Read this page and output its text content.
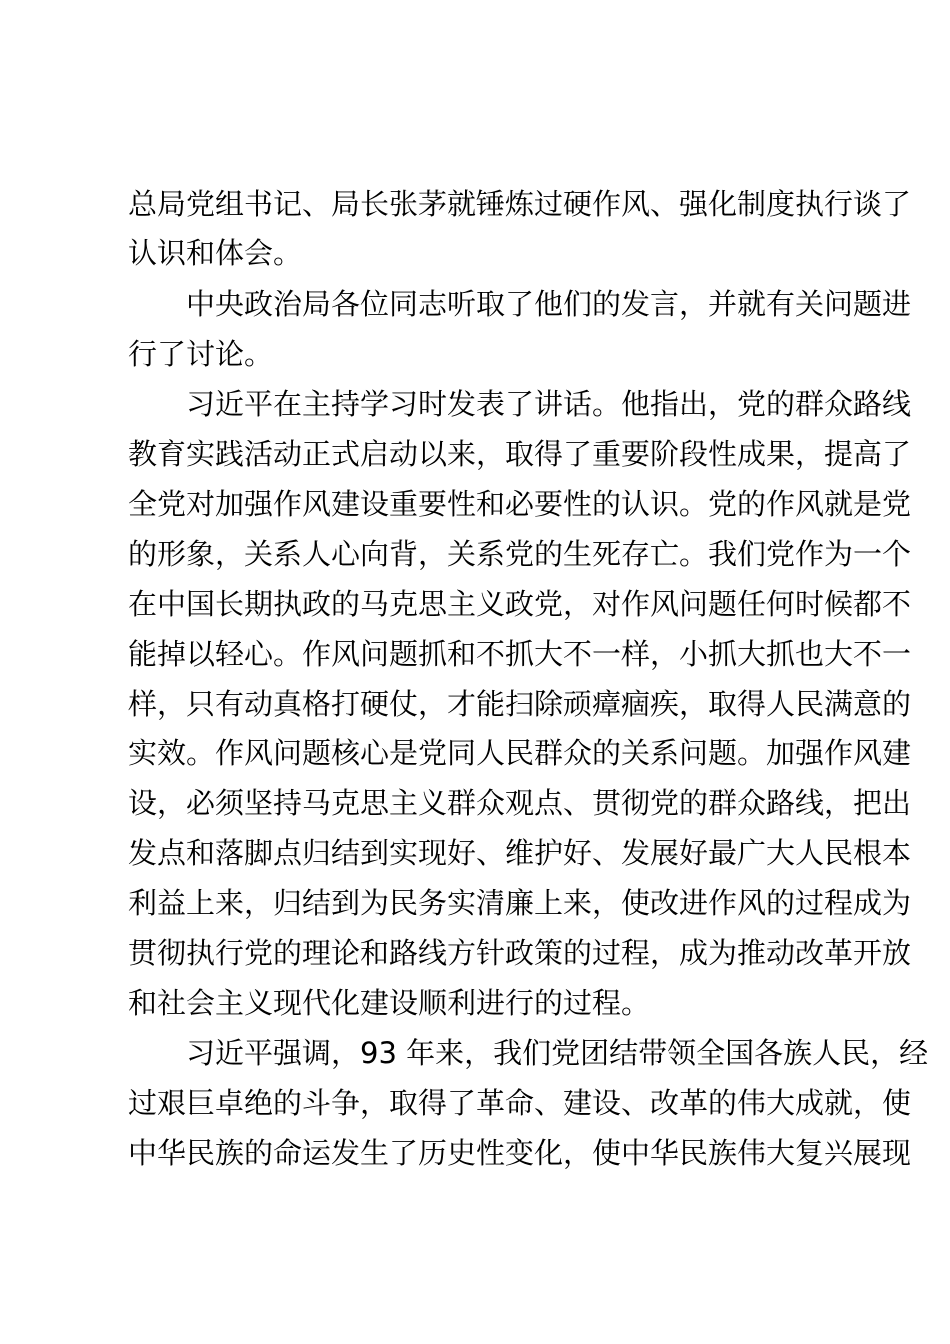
总局党组书记、局长张茅就锤炼过硬作风、强化制度执行谈了
认识和体会。
中央政治局各位同志听取了他们的发言，并就有关问题进
行了讨论。
习近平在主持学习时发表了讲话。他指出，党的群众路线
教育实践活动正式启动以来，取得了重要阶段性成果，提高了
全党对加强作风建设重要性和必要性的认识。党的作风就是党
的形象，关系人心向背，关系党的生死存亡。我们党作为一个
在中国长期执政的马克思主义政党，对作风问题任何时候都不
能掉以轻心。作风问题抓和不抓大不一样，小抓大抓也大不一
样，只有动真格打硬仗，才能扫除顽瘴痼疾，取得人民满意的
实效。作风问题核心是党同人民群众的关系问题。加强作风建
设，必须坚持马克思主义群众观点、贯彻党的群众路线，把出
发点和落脚点归结到实现好、维护好、发展好最广大人民根本
利益上来，归结到为民务实清廉上来，使改进作风的过程成为
贯彻执行党的理论和路线方针政策的过程，成为推动改革开放
和社会主义现代化建设顺利进行的过程。
习近平强调，93 年来，我们党团结带领全国各族人民，经
过艰巨卓绝的斗争，取得了革命、建设、改革的伟大成就，使
中华民族的命运发生了历史性变化，使中华民族伟大复兴展现
